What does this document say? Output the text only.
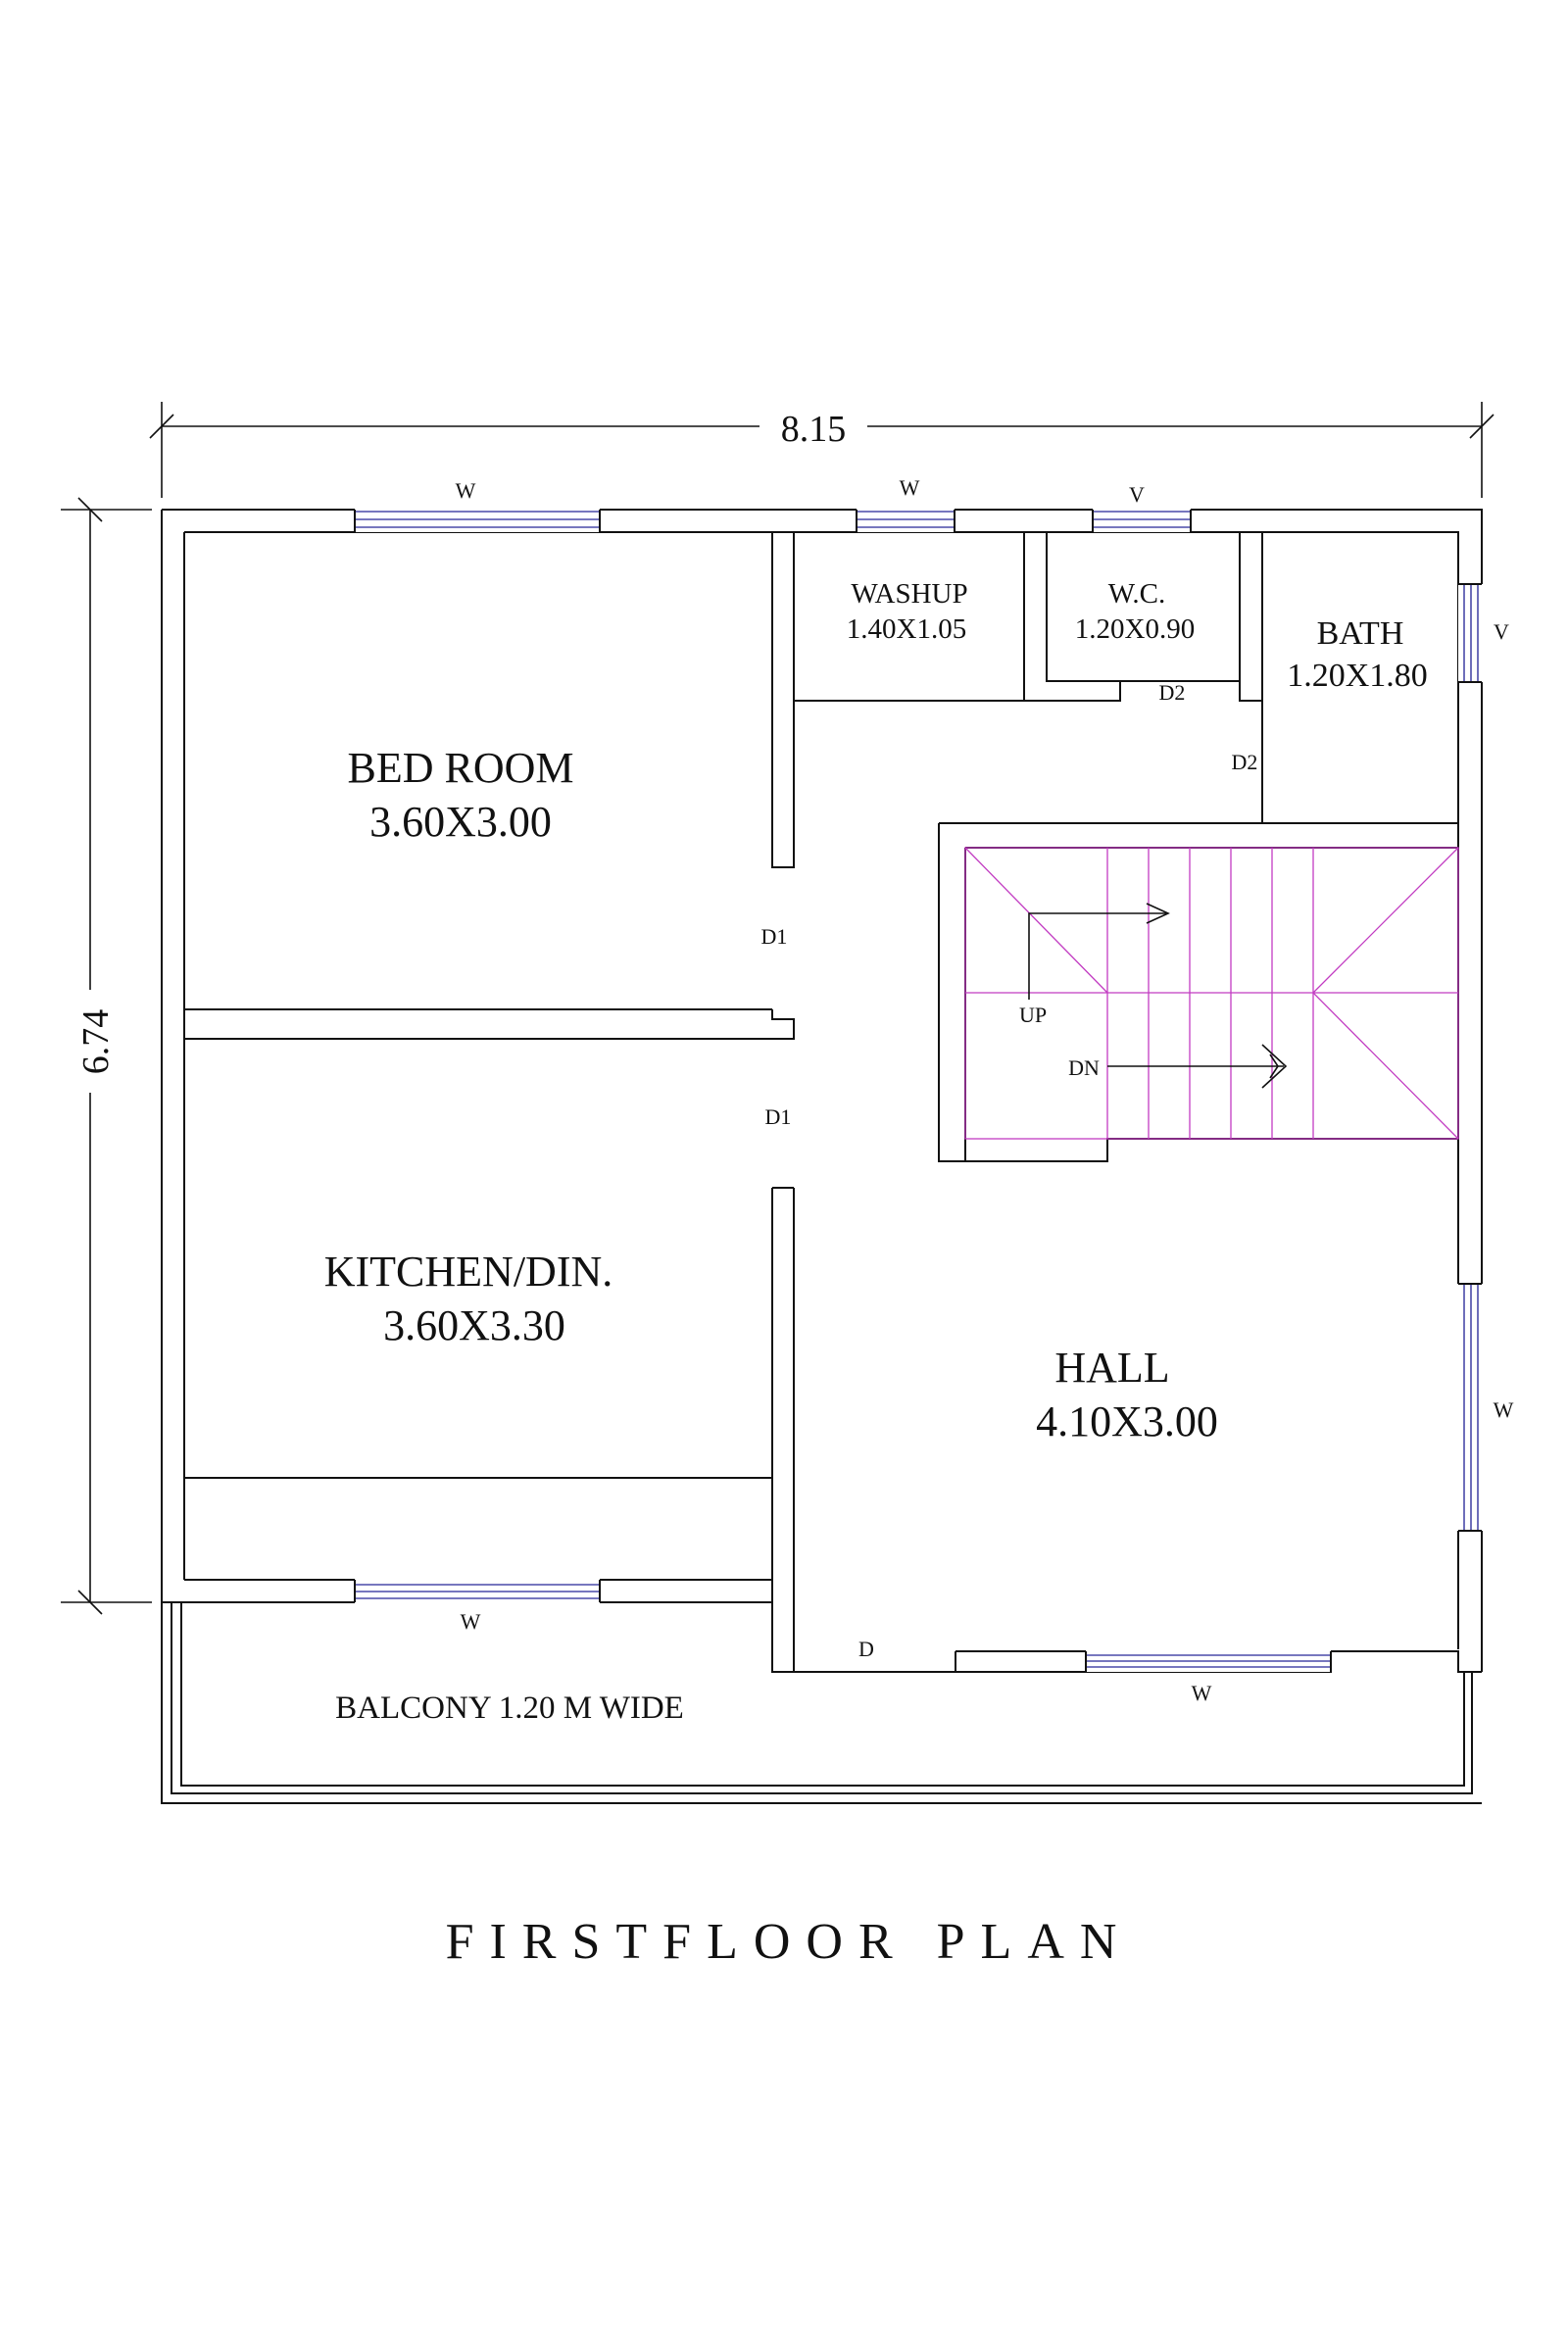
8.15
6.74
BED ROOM
3.60X3.00
KITCHEN/DIN.
3.60X3.30
HALL
4.10X3.00
WASHUP
1.40X1.05
W.C.
1.20X0.90	BATH
1.20X1.80
BALCONY 1.20 M WIDE
W	W	V
V
D2
D2
D1
D1
W
W
D
W
UP
DN
FIRSTFLOOR PLAN
